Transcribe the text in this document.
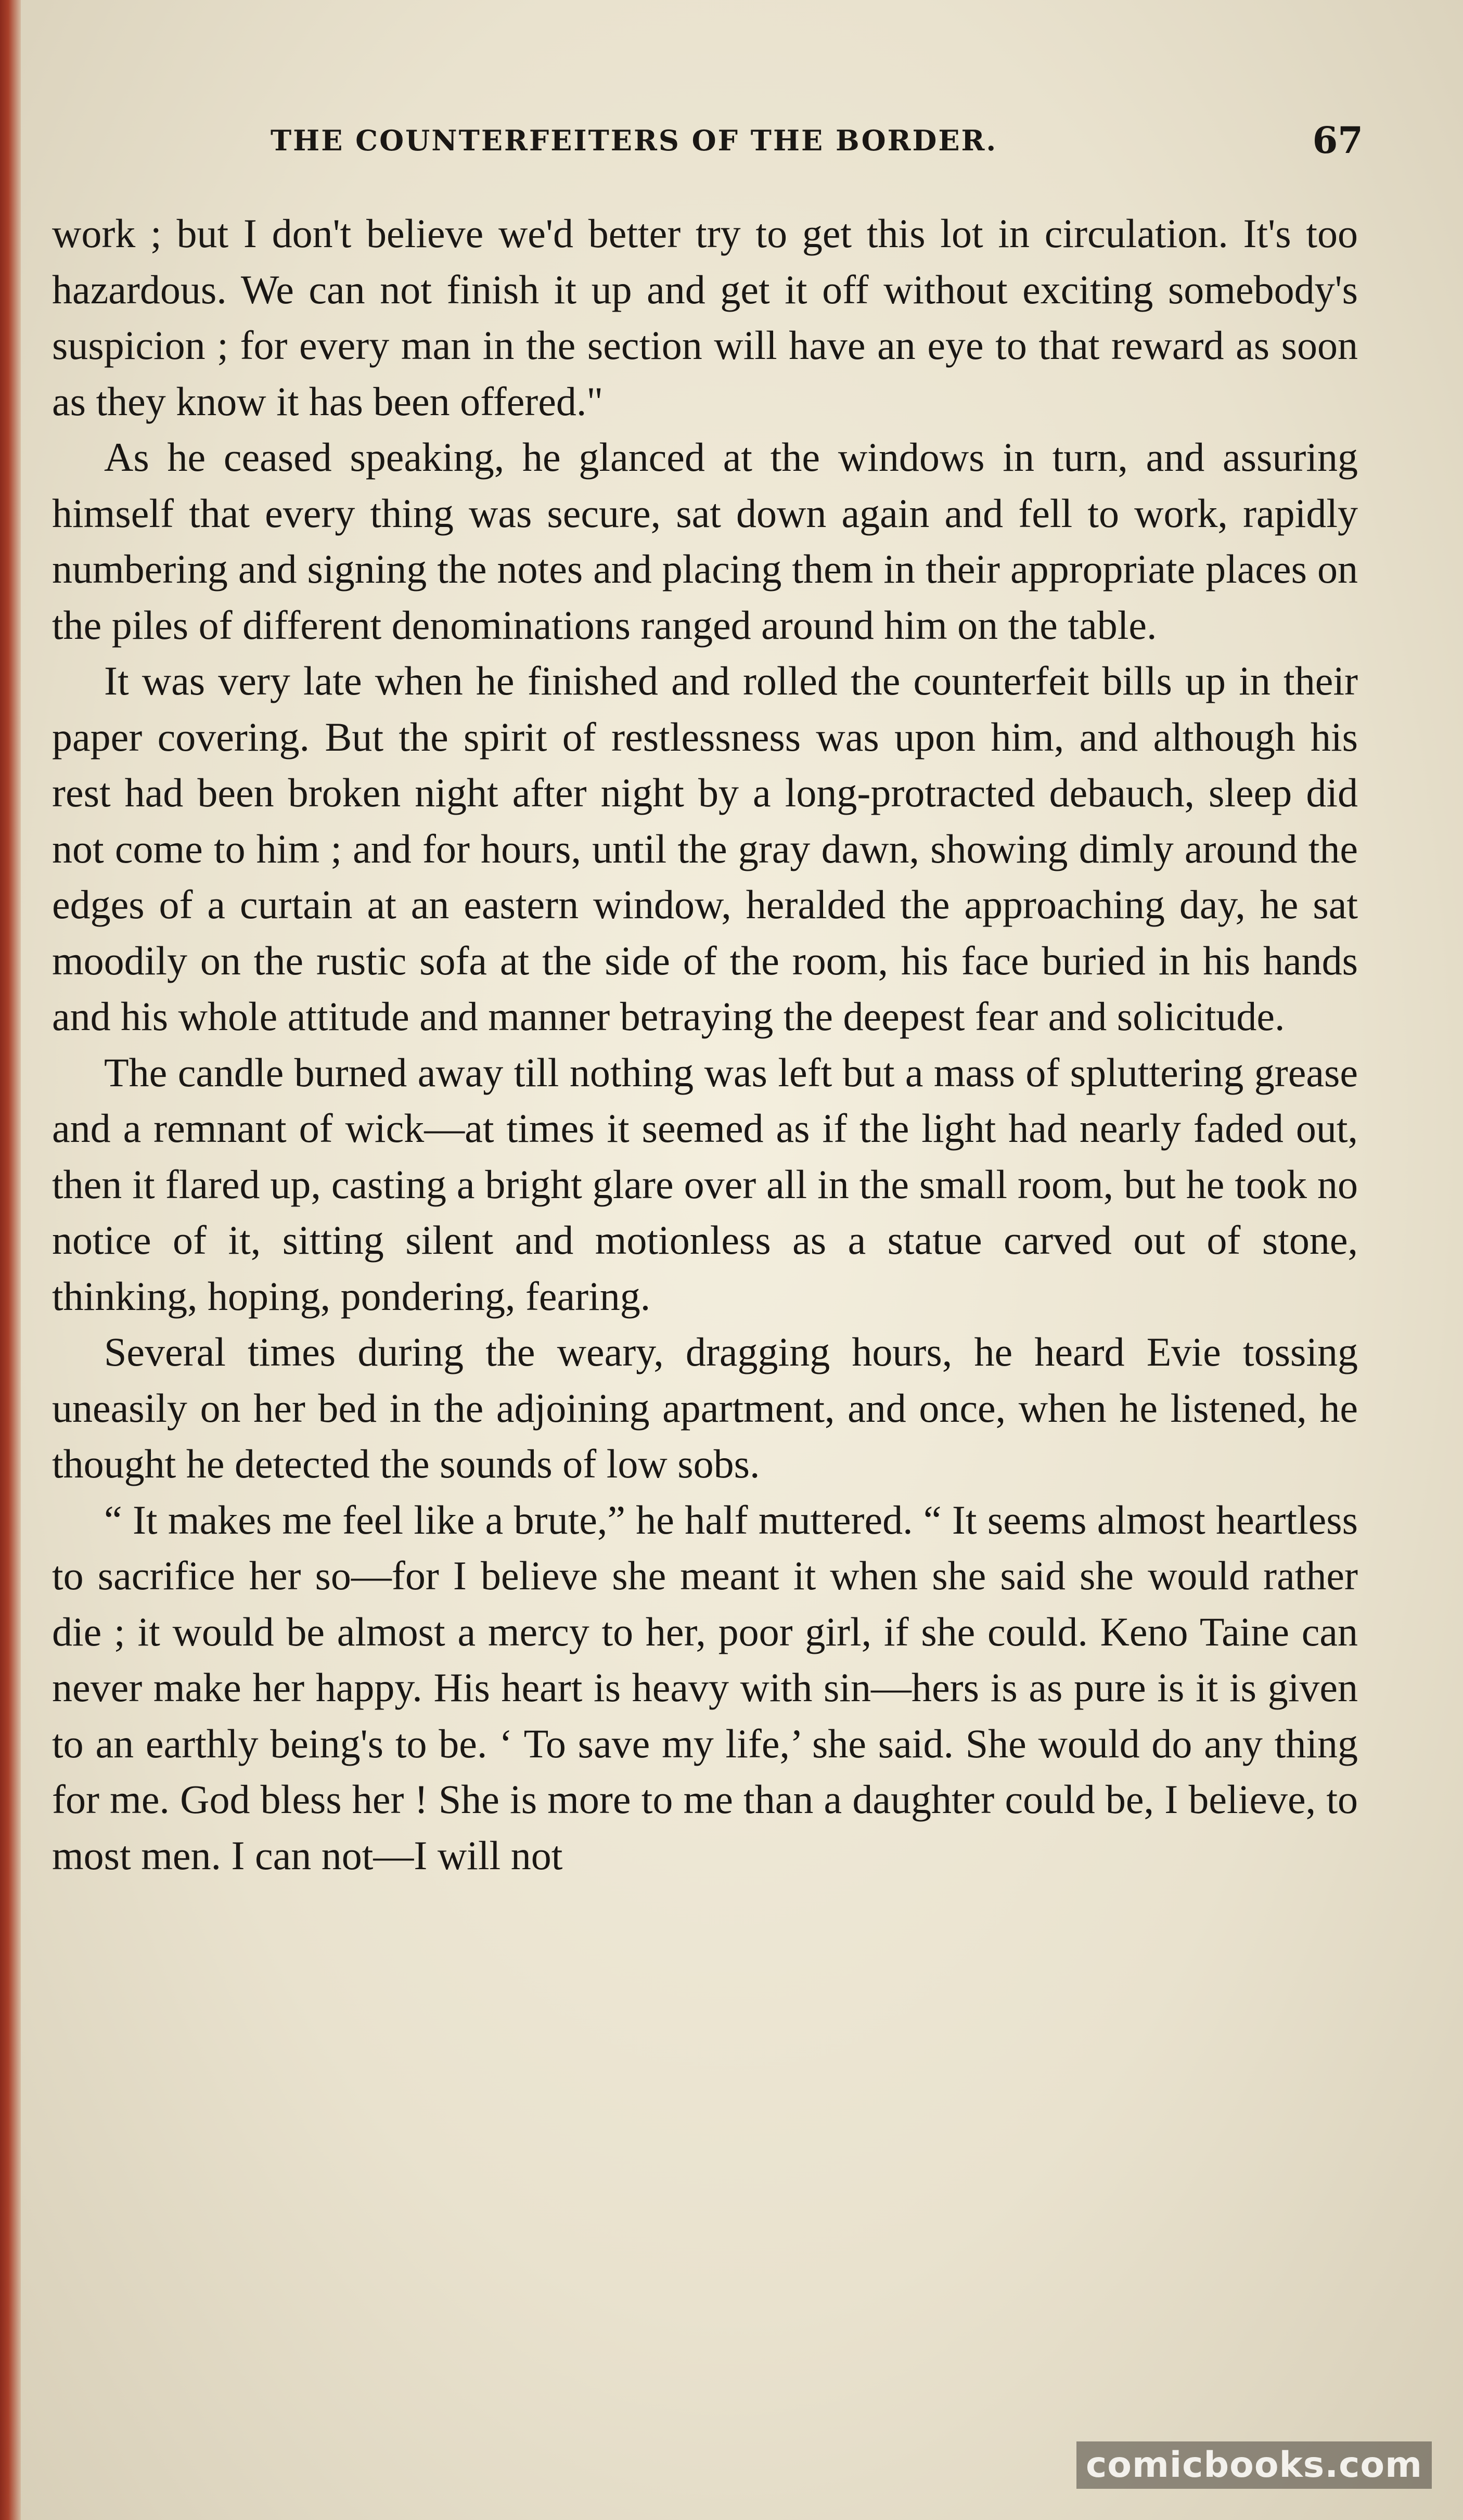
THE COUNTERFEITERS OF THE BORDER.	67

work ; but I don't believe we'd better try to get this lot in circulation. It's too hazardous. We can not finish it up and get it off without exciting somebody's suspicion ; for every man in the section will have an eye to that reward as soon as they know it has been offered."

As he ceased speaking, he glanced at the windows in turn, and assuring himself that every thing was secure, sat down again and fell to work, rapidly numbering and signing the notes and placing them in their appropriate places on the piles of different denominations ranged around him on the table.

It was very late when he finished and rolled the counterfeit bills up in their paper covering. But the spirit of restlessness was upon him, and although his rest had been broken night after night by a long-protracted debauch, sleep did not come to him ; and for hours, until the gray dawn, showing dimly around the edges of a curtain at an eastern window, heralded the approaching day, he sat moodily on the rustic sofa at the side of the room, his face buried in his hands and his whole attitude and manner betraying the deepest fear and solicitude.

The candle burned away till nothing was left but a mass of spluttering grease and a remnant of wick—at times it seemed as if the light had nearly faded out, then it flared up, casting a bright glare over all in the small room, but he took no notice of it, sitting silent and motionless as a statue carved out of stone, thinking, hoping, pondering, fearing.

Several times during the weary, dragging hours, he heard Evie tossing uneasily on her bed in the adjoining apartment, and once, when he listened, he thought he detected the sounds of low sobs.

“ It makes me feel like a brute,” he half muttered. “ It seems almost heartless to sacrifice her so—for I believe she meant it when she said she would rather die ; it would be almost a mercy to her, poor girl, if she could. Keno Taine can never make her happy. His heart is heavy with sin—hers is as pure is it is given to an earthly being's to be. ‘ To save my life,’ she said. She would do any thing for me. God bless her ! She is more to me than a daughter could be, I believe, to most men. I can not—I will not

comicbooks.com
